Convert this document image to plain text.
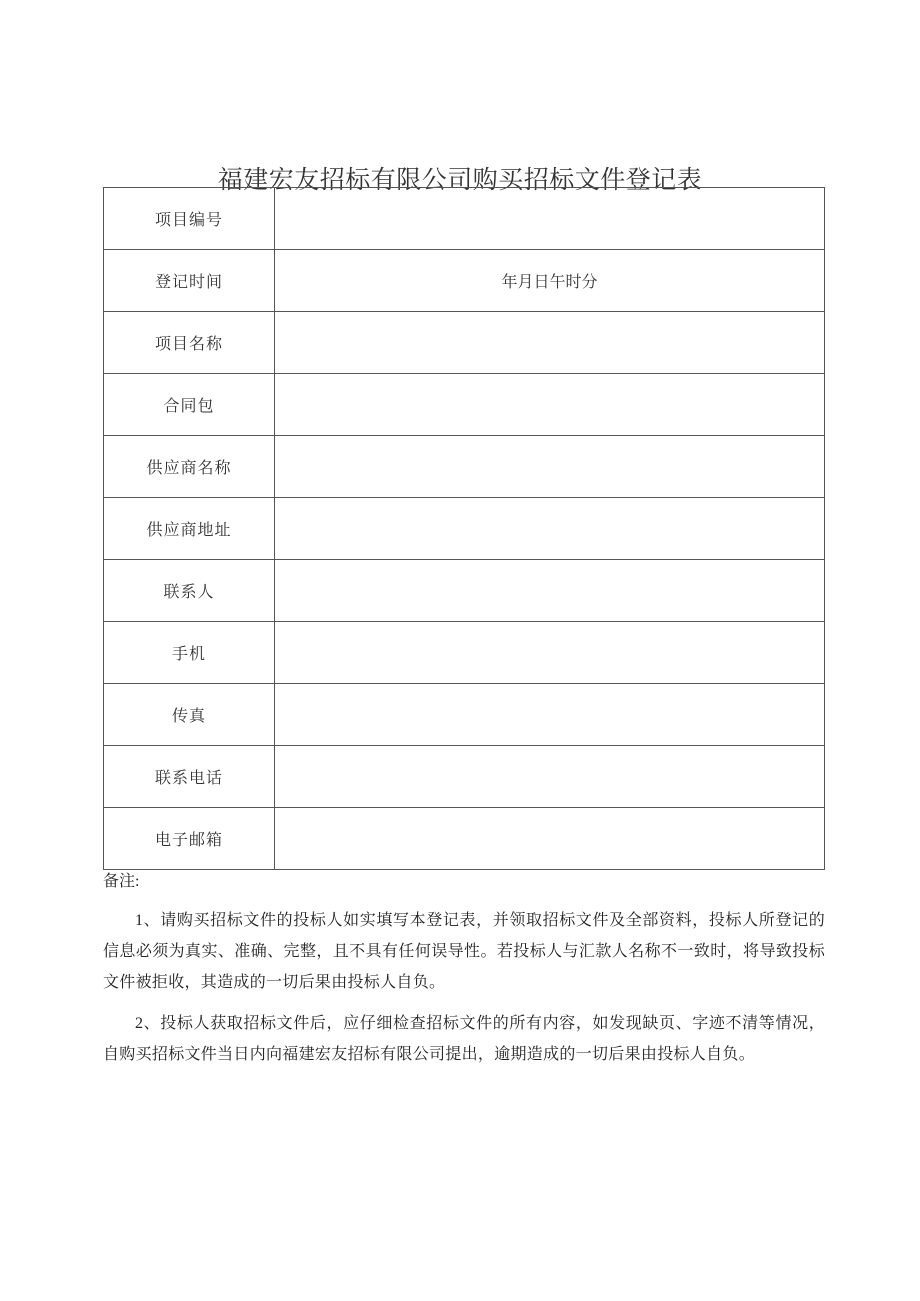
福建宏友招标有限公司购买招标文件登记表
项目编号	
登记时间	年月日午时分
项目名称	
合同包	
供应商名称	
供应商地址	
联系人	
手机	
传真	
联系电话	
电子邮箱	
备注:

1、请购买招标文件的投标人如实填写本登记表，并领取招标文件及全部资料，投标人所登记的信息必须为真实、准确、完整，且不具有任何误导性。若投标人与汇款人名称不一致时，将导致投标文件被拒收，其造成的一切后果由投标人自负。

2、投标人获取招标文件后，应仔细检查招标文件的所有内容，如发现缺页、字迹不清等情况，自购买招标文件当日内向福建宏友招标有限公司提出，逾期造成的一切后果由投标人自负。
